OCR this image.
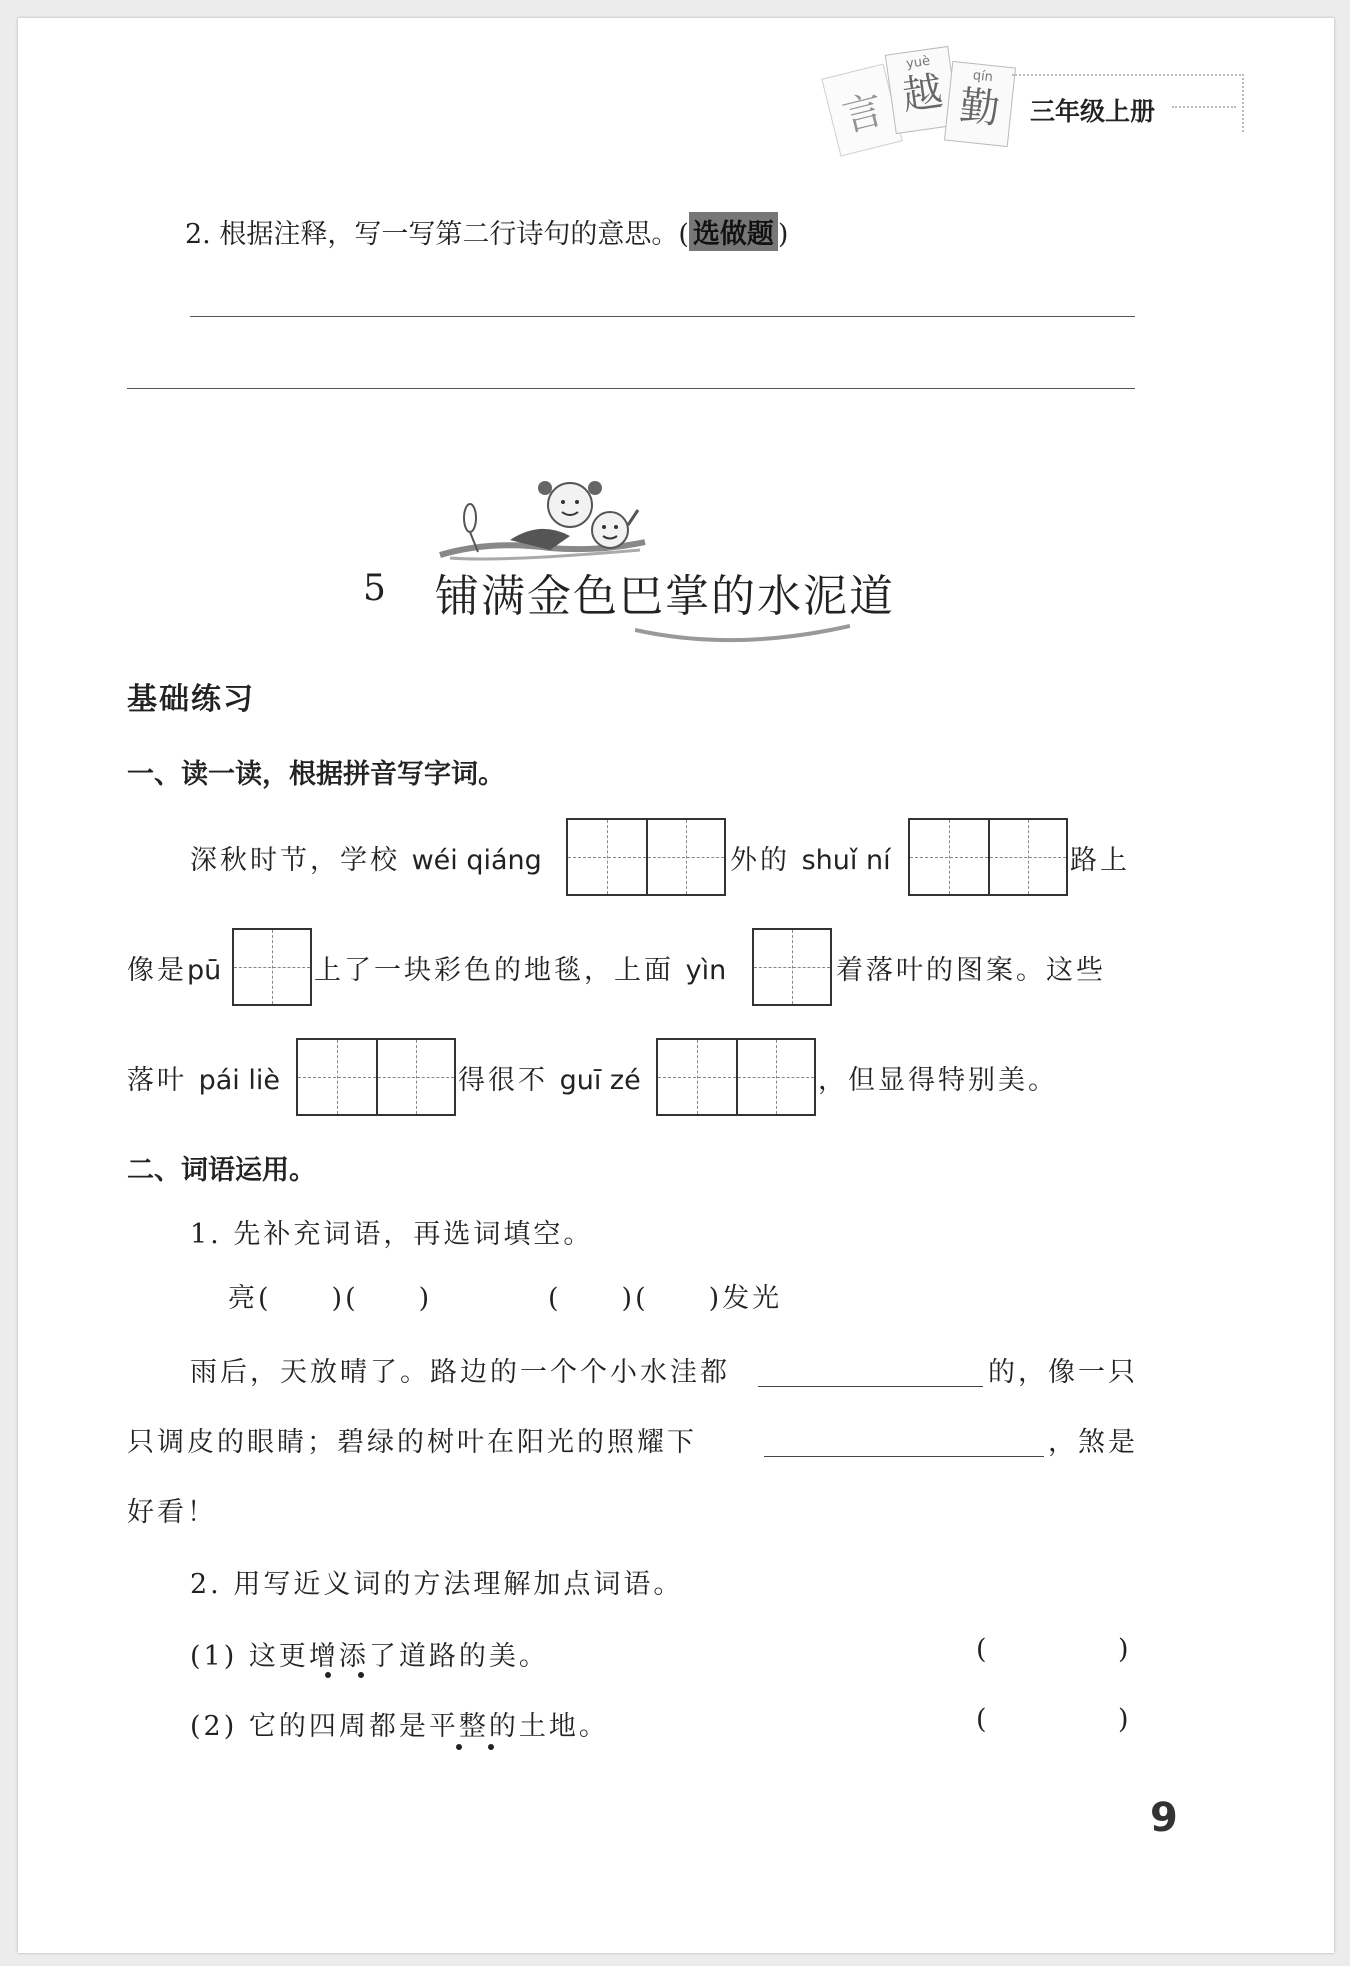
言
yuè
越	qín
勤 三年级上册
2. 根据注释，写一写第二行诗句的意思。( 选做题 )
5 铺满金色巴掌的水泥道
基础练习
一、读一读，根据拼音写字词。
深秋时节，学校 wéi qiáng	外的 shuǐ ní	路上
像是pū	上了一块彩色的地毯，上面 yìn	着落叶的图案。这些
落叶 pái liè	得很不 guī zé	，但显得特别美。
二、词语运用。
1. 先补充词语，再选词填空。
亮(　　)(　　)	(　　)(　　)发光
雨后，天放晴了。路边的一个个小水洼都	的，像一只
只调皮的眼睛；碧绿的树叶在阳光的照耀下	，煞是
好看！
2. 用写近义词的方法理解加点词语。
(1) 这更增添了道路的美。	(	)
(2) 它的四周都是平整的土地。	(	)
9
